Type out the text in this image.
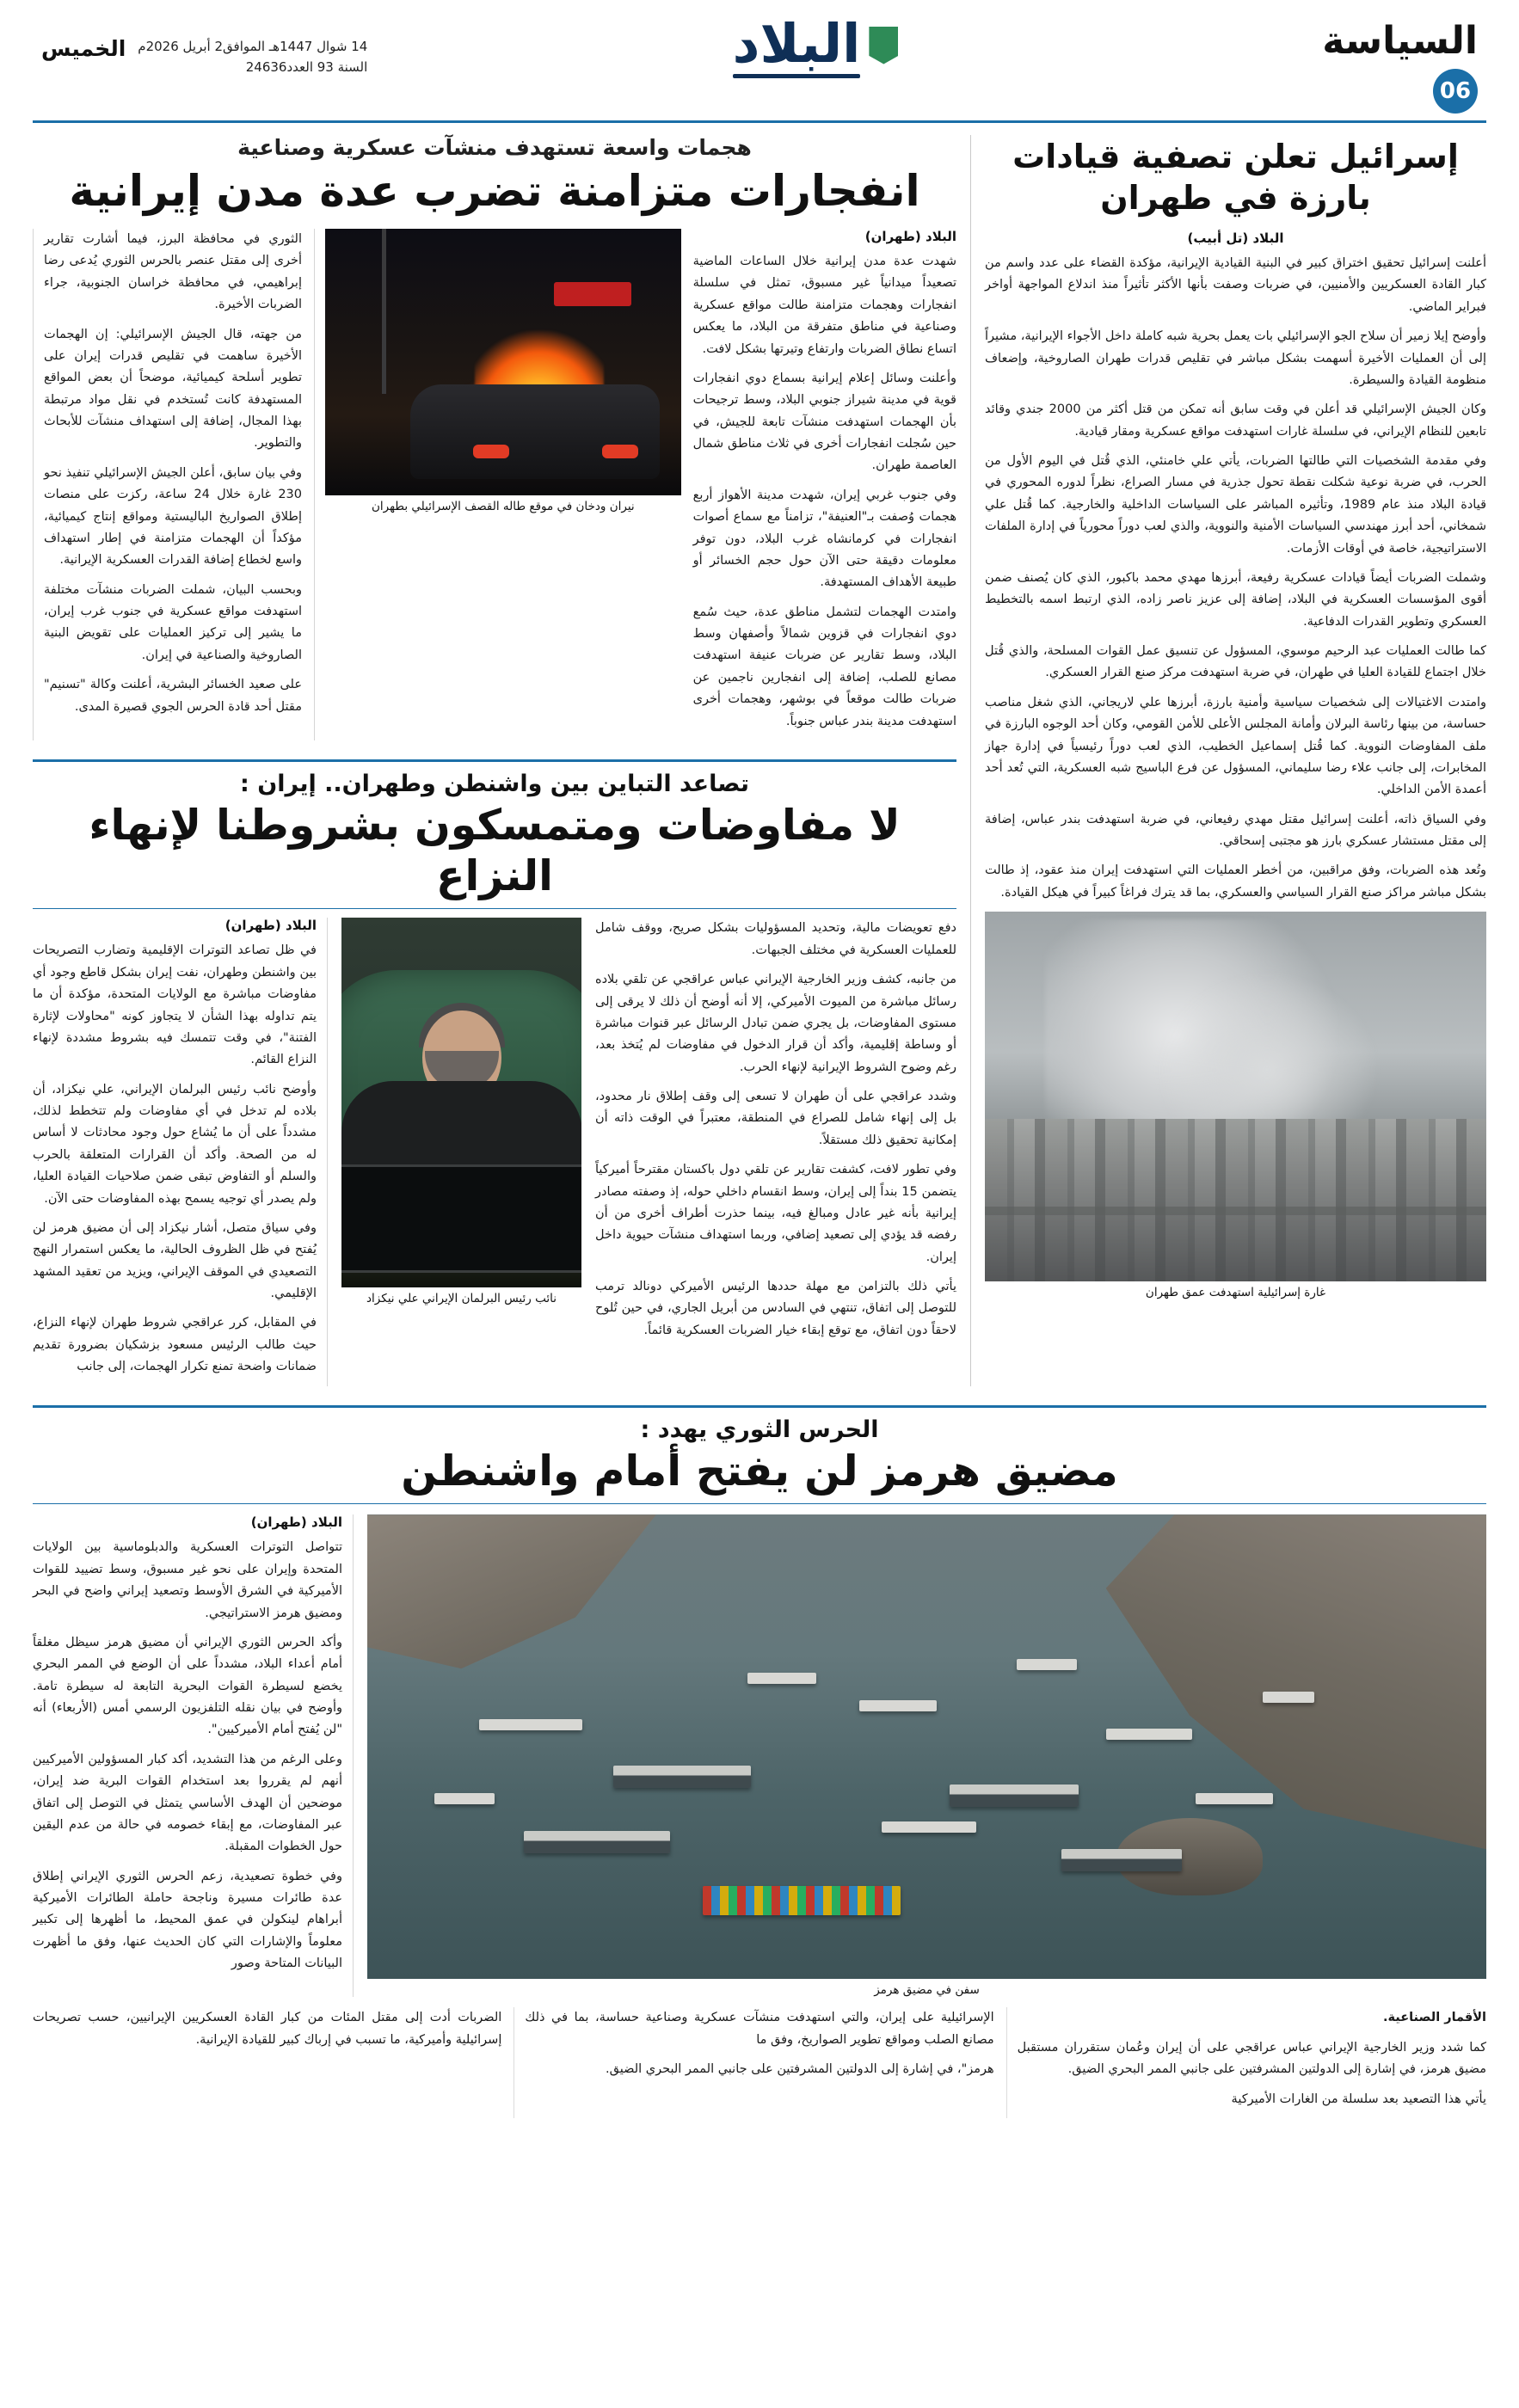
السياسة
06
البلاد
الخميس 14 شوال 1447هـ الموافق2 أبريل 2026م
السنة 93 العدد24636
إسرائيل تعلن تصفية قيادات بارزة في طهران
البلاد (تل أبيب)

أعلنت إسرائيل تحقيق اختراق كبير في البنية القيادية الإيرانية، مؤكدة القضاء على عدد واسم من كبار القادة العسكريين والأمنيين، في ضربات وصفت بأنها الأكثر تأثيراً منذ اندلاع المواجهة أواخر فبراير الماضي.

وأوضح إيلا زمير أن سلاح الجو الإسرائيلي بات يعمل بحرية شبه كاملة داخل الأجواء الإيرانية، مشيراً إلى أن العمليات الأخيرة أسهمت بشكل مباشر في تقليص قدرات طهران الصاروخية، وإضعاف منظومة القيادة والسيطرة.

وكان الجيش الإسرائيلي قد أعلن في وقت سابق أنه تمكن من قتل أكثر من 2000 جندي وقائد تابعين للنظام الإيراني، في سلسلة غارات استهدفت مواقع عسكرية ومقار قيادية.

وفي مقدمة الشخصيات التي طالتها الضربات، يأتي علي خامنئي، الذي قُتل في اليوم الأول من الحرب، في ضربة نوعية شكلت نقطة تحول جذرية في مسار الصراع، نظراً لدوره المحوري في قيادة البلاد منذ عام 1989، وتأثيره المباشر على السياسات الداخلية والخارجية. كما قُتل علي شمخاني، أحد أبرز مهندسي السياسات الأمنية والنووية، والذي لعب دوراً محورياً في إدارة الملفات الاستراتيجية، خاصة في أوقات الأزمات.

وشملت الضربات أيضاً قيادات عسكرية رفيعة، أبرزها مهدي محمد باكبور، الذي كان يُصنف ضمن أقوى المؤسسات العسكرية في البلاد، إضافة إلى عزيز ناصر زاده، الذي ارتبط اسمه بالتخطيط العسكري وتطوير القدرات الدفاعية.

كما طالت العمليات عبد الرحيم موسوي، المسؤول عن تنسيق عمل القوات المسلحة، والذي قُتل خلال اجتماع للقيادة العليا في طهران، في ضربة استهدفت مركز صنع القرار العسكري.

وامتدت الاغتيالات إلى شخصيات سياسية وأمنية بارزة، أبرزها علي لاريجاني، الذي شغل مناصب حساسة، من بينها رئاسة البرلان وأمانة المجلس الأعلى للأمن القومي، وكان أحد الوجوه البارزة في ملف المفاوضات النووية. كما قُتل إسماعيل الخطيب، الذي لعب دوراً رئيسياً في إدارة جهاز المخابرات، إلى جانب علاء رضا سليماني، المسؤول عن فرع الباسيج شبه العسكرية، التي تُعد أحد أعمدة الأمن الداخلي.

وفي السياق ذاته، أعلنت إسرائيل مقتل مهدي رفيعاني، في ضربة استهدفت بندر عباس، إضافة إلى مقتل مستشار عسكري بارز هو مجتبى إسحاقي.

وتُعد هذه الضربات، وفق مراقبين، من أخطر العمليات التي استهدفت إيران منذ عقود، إذ طالت بشكل مباشر مراكز صنع القرار السياسي والعسكري، بما قد يترك فراغاً كبيراً في هيكل القيادة.

غارة إسرائيلية استهدفت عمق طهران
هجمات واسعة تستهدف منشآت عسكرية وصناعية
انفجارات متزامنة تضرب عدة مدن إيرانية
البلاد (طهران)

شهدت عدة مدن إيرانية خلال الساعات الماضية تصعيداً ميدانياً غير مسبوق، تمثل في سلسلة انفجارات وهجمات متزامنة طالت مواقع عسكرية وصناعية في مناطق متفرقة من البلاد، ما يعكس اتساع نطاق الضربات وارتفاع وتيرتها بشكل لافت.

وأعلنت وسائل إعلام إيرانية بسماع دوي انفجارات قوية في مدينة شيراز جنوبي البلاد، وسط ترجيحات بأن الهجمات استهدفت منشآت تابعة للجيش، في حين سُجلت انفجارات أخرى في ثلاث مناطق شمال العاصمة طهران.

وفي جنوب غربي إيران، شهدت مدينة الأهواز أربع هجمات وُصفت بـ"العنيفة"، تزامناً مع سماع أصوات انفجارات في كرمانشاه غرب البلاد، دون توفر معلومات دقيقة حتى الآن حول حجم الخسائر أو طبيعة الأهداف المستهدفة.

وامتدت الهجمات لتشمل مناطق عدة، حيث سُمع دوي انفجارات في قزوين شمالاً وأصفهان وسط البلاد، وسط تقارير عن ضربات عنيفة استهدفت مصانع للصلب، إضافة إلى انفجارين ناجمين عن ضربات طالت موقعاً في بوشهر، وهجمات أخرى استهدفت مدينة بندر عباس جنوباً.

نيران ودخان في موقع طاله القصف الإسرائيلي بطهران

الثوري في محافظة البرز، فيما أشارت تقارير أخرى إلى مقتل عنصر بالحرس الثوري يُدعى رضا إبراهيمي، في محافظة خراسان الجنوبية، جراء الضربات الأخيرة.

من جهته، قال الجيش الإسرائيلي: إن الهجمات الأخيرة ساهمت في تقليص قدرات إيران على تطوير أسلحة كيميائية، موضحاً أن بعض المواقع المستهدفة كانت تُستخدم في نقل مواد مرتبطة بهذا المجال، إضافة إلى استهداف منشآت للأبحاث والتطوير.

وفي بيان سابق، أعلن الجيش الإسرائيلي تنفيذ نحو 230 غارة خلال 24 ساعة، ركزت على منصات إطلاق الصواريخ الباليستية ومواقع إنتاج كيميائية، مؤكداً أن الهجمات متزامنة في إطار استهداف واسع لخطاع إضافة القدرات العسكرية الإيرانية.

وبحسب البيان، شملت الضربات منشآت مختلفة استهدفت مواقع عسكرية في جنوب غرب إيران، ما يشير إلى تركيز العمليات على تقويض البنية الصاروخية والصناعية في إيران.

على صعيد الخسائر البشرية، أعلنت وكالة "تسنيم" مقتل أحد قادة الحرس الجوي قصيرة المدى.

تصاعد التباين بين واشنطن وطهران.. إيران :
لا مفاوضات ومتمسكون بشروطنا لإنهاء النزاع

دفع تعويضات مالية، وتحديد المسؤوليات بشكل صريح، ووقف شامل للعمليات العسكرية في مختلف الجبهات.

من جانبه، كشف وزير الخارجية الإيراني عباس عراقجي عن تلقي بلاده رسائل مباشرة من الميوت الأميركي، إلا أنه أوضح أن ذلك لا يرقى إلى مستوى المفاوضات، بل يجري ضمن تبادل الرسائل عبر قنوات مباشرة أو وساطة إقليمية، وأكد أن قرار الدخول في مفاوضات لم يُتخذ بعد، رغم وضوح الشروط الإيرانية لإنهاء الحرب.

وشدد عراقجي على أن طهران لا تسعى إلى وقف إطلاق نار محدود، بل إلى إنهاء شامل للصراع في المنطقة، معتبراً في الوقت ذاته أن إمكانية تحقيق ذلك مستقلاً.

وفي تطور لافت، كشفت تقارير عن تلقي دول باكستان مقترحاً أميركياً يتضمن 15 بنداً إلى إيران، وسط انقسام داخلي حوله، إذ وصفته مصادر إيرانية بأنه غير عادل ومبالغ فيه، بينما حذرت أطراف أخرى من أن رفضه قد يؤدي إلى تصعيد إضافي، وربما استهداف منشآت حيوية داخل إيران.

يأتي ذلك بالتزامن مع مهلة حددها الرئيس الأميركي دونالد ترمب للتوصل إلى اتفاق، تنتهي في السادس من أبريل الجاري، في حين تُلوح لاحقاً دون اتفاق، مع توقع إبقاء خيار الضربات العسكرية قائماً.

نائب رئيس البرلمان الإيراني علي نيكزاد
البلاد (طهران)

في ظل تصاعد التوترات الإقليمية وتضارب التصريحات بين واشنطن وطهران، نفت إيران بشكل قاطع وجود أي مفاوضات مباشرة مع الولايات المتحدة، مؤكدة أن ما يتم تداوله بهذا الشأن لا يتجاوز كونه "محاولات لإثارة الفتنة"، في وقت تتمسك فيه بشروط مشددة لإنهاء النزاع القائم.

وأوضح نائب رئيس البرلمان الإيراني، علي نيكزاد، أن بلاده لم تدخل في أي مفاوضات ولم تتخطط لذلك، مشدداً على أن ما يُشاع حول وجود محادثات لا أساس له من الصحة. وأكد أن القرارات المتعلقة بالحرب والسلم أو التفاوض تبقى ضمن صلاحيات القيادة العليا، ولم يصدر أي توجيه يسمح بهذه المفاوضات حتى الآن.

وفي سياق متصل، أشار نيكزاد إلى أن مضيق هرمز لن يُفتح في ظل الظروف الحالية، ما يعكس استمرار النهج التصعيدي في الموقف الإيراني، ويزيد من تعقيد المشهد الإقليمي.

في المقابل، كرر عراقجي شروط طهران لإنهاء النزاع، حيث طالب الرئيس مسعود بزشكيان بضرورة تقديم ضمانات واضحة تمنع تكرار الهجمات، إلى جانب

الحرس الثوري يهدد :
مضيق هرمز لن يفتح أمام واشنطن
سفن في مضيق هرمز
البلاد (طهران)

تتواصل التوترات العسكرية والدبلوماسية بين الولايات المتحدة وإيران على نحو غير مسبوق، وسط تضييد للقوات الأميركية في الشرق الأوسط وتصعيد إيراني واضح في البحر ومضيق هرمز الاستراتيجي.

وأكد الحرس الثوري الإيراني أن مضيق هرمز سيظل مغلقاً أمام أعداء البلاد، مشدداً على أن الوضع في الممر البحري يخضع لسيطرة القوات البحرية التابعة له سيطرة تامة. وأوضح في بيان نقله التلفزيون الرسمي أمس (الأربعاء) أنه "لن يُفتح أمام الأميركيين".

وعلى الرغم من هذا التشديد، أكد كبار المسؤولين الأميركيين أنهم لم يقرروا بعد استخدام القوات البرية ضد إيران، موضحين أن الهدف الأساسي يتمثل في التوصل إلى اتفاق عبر المفاوضات، مع إبقاء خصومه في حالة من عدم اليقين حول الخطوات المقبلة.

وفي خطوة تصعيدية، زعم الحرس الثوري الإيراني إطلاق عدة طائرات مسيرة وناجحة حاملة الطائرات الأميركية أبراهام لينكولن في عمق المحيط، ما أظهرها إلى تكبير معلوماً والإشارات التي كان الحديث عنها، وفق ما أظهرت البيانات المتاحة وصور

الأقمار الصناعية.

كما شدد وزير الخارجية الإيراني عباس عراقجي على أن إيران وعُمان ستقرران مستقبل مضيق هرمز، في إشارة إلى الدولتين المشرفتين على جانبي الممر البحري الضيق.

يأتي هذا التصعيد بعد سلسلة من الغارات الأميركية

الإسرائيلية على إيران، والتي استهدفت منشآت عسكرية وصناعية حساسة، بما في ذلك مصانع الصلب ومواقع تطوير الصواريخ، وفق ما

هرمز"، في إشارة إلى الدولتين المشرفتين على جانبي الممر البحري الضيق.

الضربات أدت إلى مقتل المئات من كبار القادة العسكريين الإيرانيين، حسب تصريحات إسرائيلية وأميركية، ما تسبب في إرباك كبير للقيادة الإيرانية.
